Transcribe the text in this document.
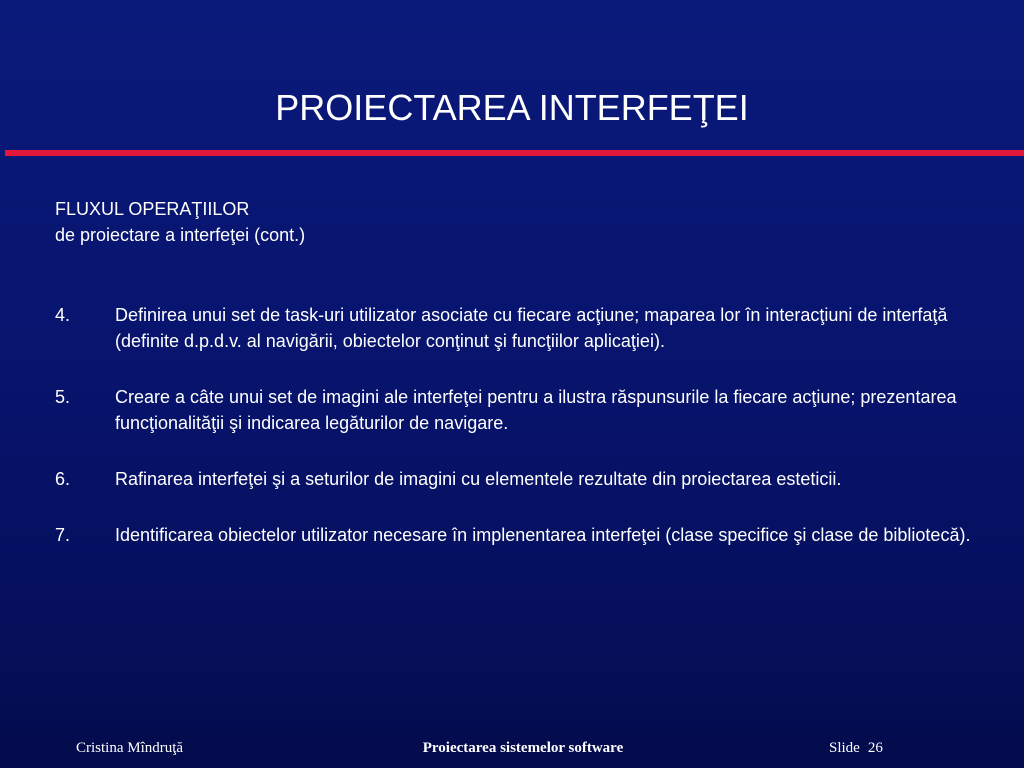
PROIECTAREA INTERFEŢEI
FLUXUL OPERAŢIILOR
de proiectare a interfeţei (cont.)
4.	Definirea unui set de task-uri utilizator asociate cu fiecare acţiune; maparea lor în interacţiuni de interfaţă (definite d.p.d.v. al navigării, obiectelor conţinut şi funcţiilor aplicaţiei).
5.	Creare a câte unui set de imagini ale interfeţei pentru a ilustra răspunsurile la fiecare acţiune; prezentarea funcţionalităţii şi indicarea legăturilor de navigare.
6.	Rafinarea interfeţei şi a seturilor de imagini cu elementele rezultate din proiectarea esteticii.
7.	Identificarea obiectelor utilizator necesare în implenentarea interfeţei (clase specifice şi clase de bibliotecă).
Cristina Mîndruţă	Proiectarea sistemelor software	Slide 26
